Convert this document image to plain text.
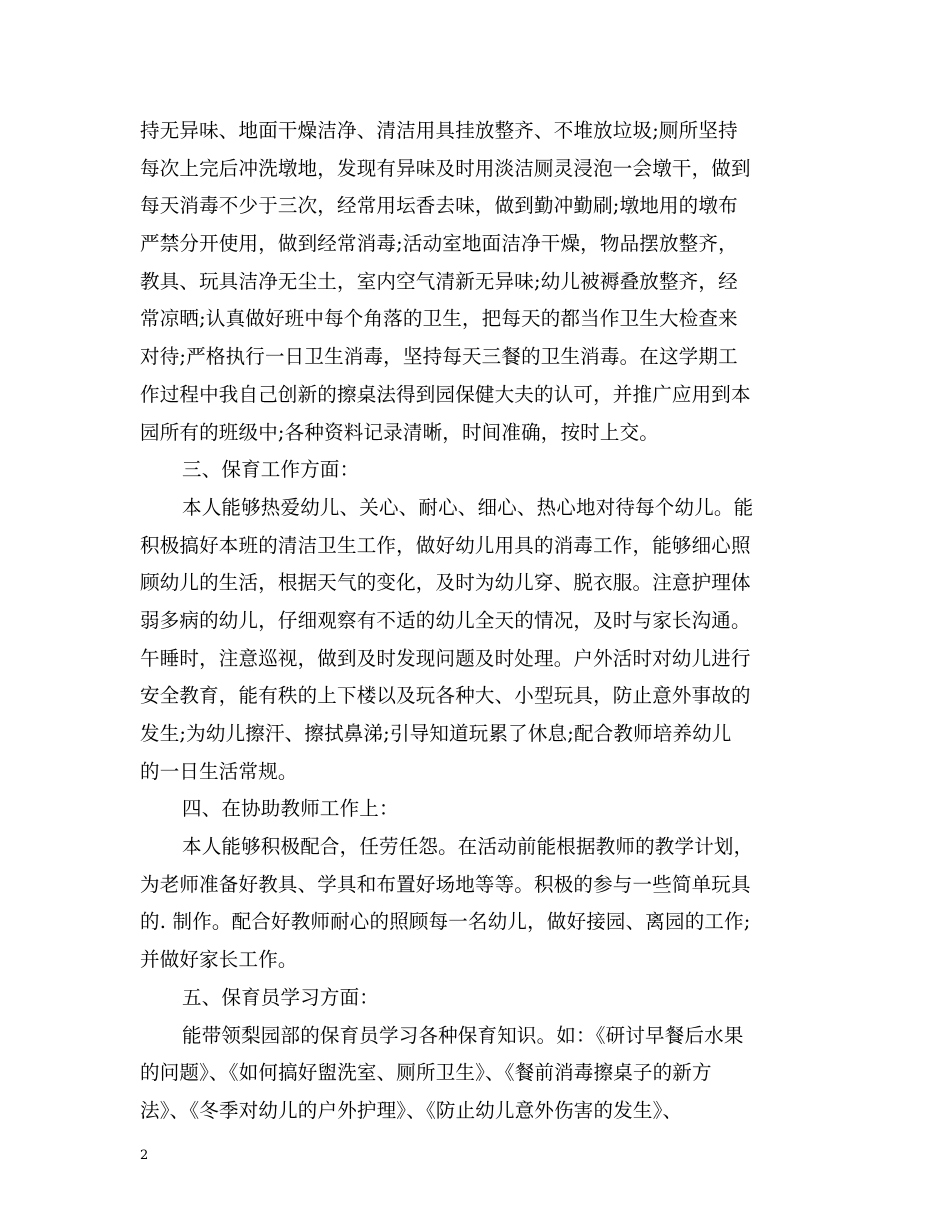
持无异味、地面干燥洁净、清洁用具挂放整齐、不堆放垃圾;厕所坚持
每次上完后冲洗墩地，发现有异味及时用淡洁厕灵浸泡一会墩干，做到
每天消毒不少于三次，经常用坛香去味，做到勤冲勤刷;墩地用的墩布
严禁分开使用，做到经常消毒;活动室地面洁净干燥，物品摆放整齐，
教具、玩具洁净无尘土，室内空气清新无异味;幼儿被褥叠放整齐，经
常凉晒;认真做好班中每个角落的卫生，把每天的都当作卫生大检查来
对待;严格执行一日卫生消毒，坚持每天三餐的卫生消毒。在这学期工
作过程中我自己创新的擦桌法得到园保健大夫的认可，并推广应用到本
园所有的班级中;各种资料记录清晰，时间准确，按时上交。
三、保育工作方面：
本人能够热爱幼儿、关心、耐心、细心、热心地对待每个幼儿。能
积极搞好本班的清洁卫生工作，做好幼儿用具的消毒工作，能够细心照
顾幼儿的生活，根据天气的变化，及时为幼儿穿、脱衣服。注意护理体
弱多病的幼儿，仔细观察有不适的幼儿全天的情况，及时与家长沟通。
午睡时，注意巡视，做到及时发现问题及时处理。户外活时对幼儿进行
安全教育，能有秩的上下楼以及玩各种大、小型玩具，防止意外事故的
发生;为幼儿擦汗、擦拭鼻涕;引导知道玩累了休息;配合教师培养幼儿
的一日生活常规。
四、在协助教师工作上：
本人能够积极配合，任劳任怨。在活动前能根据教师的教学计划，
为老师准备好教具、学具和布置好场地等等。积极的参与一些简单玩具
的. 制作。配合好教师耐心的照顾每一名幼儿，做好接园、离园的工作;
并做好家长工作。
五、保育员学习方面：
能带领梨园部的保育员学习各种保育知识。如：《研讨早餐后水果
的问题》、《如何搞好盥洗室、厕所卫生》、《餐前消毒擦桌子的新方
法》、《冬季对幼儿的户外护理》、《防止幼儿意外伤害的发生》、
2
